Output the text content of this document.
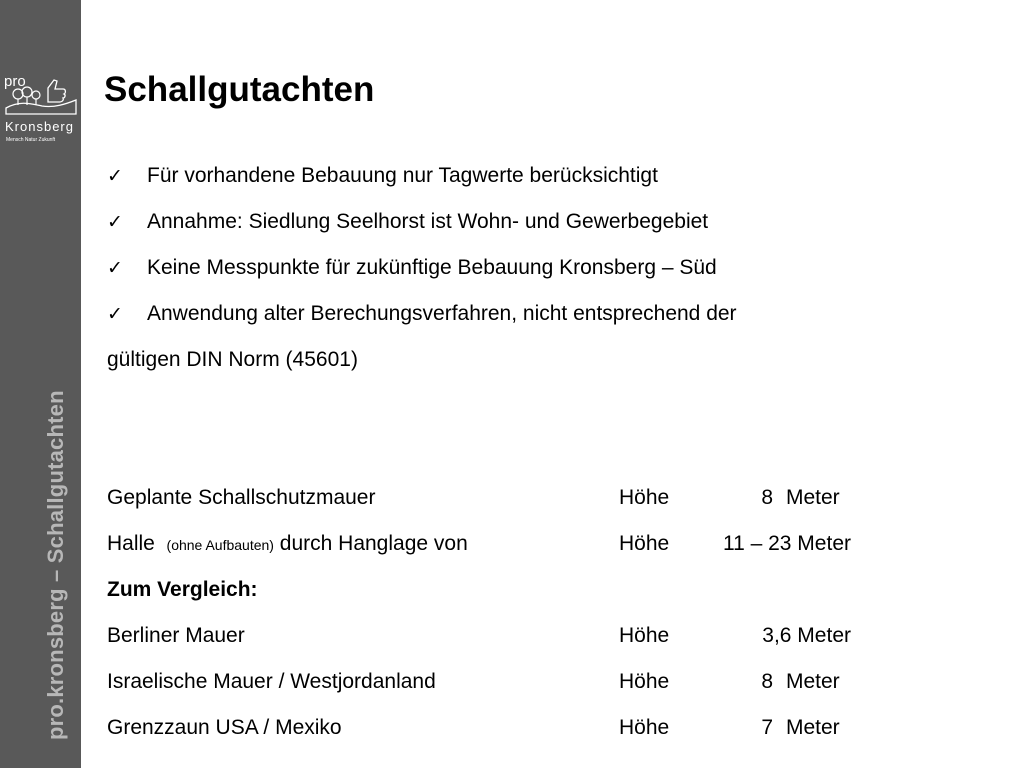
pro
Kronsberg
Mensch Natur Zukunft
pro.kronsberg – Schallgutachten
Schallgutachten
✓ Für vorhandene Bebauung nur Tagwerte berücksichtigt
✓ Annahme: Siedlung Seelhorst ist Wohn- und Gewerbegebiet
✓ Keine Messpunkte für zukünftige Bebauung Kronsberg – Süd
✓ Anwendung alter Berechungsverfahren, nicht entsprechend der
gültigen DIN Norm (45601)
Geplante Schallschutzmauer	Höhe	8 Meter
Halle (ohne Aufbauten) durch Hanglage von	Höhe	11 – 23 Meter
Zum Vergleich:
Berliner Mauer	Höhe	3,6 Meter
Israelische Mauer / Westjordanland	Höhe	8 Meter
Grenzzaun USA / Mexiko	Höhe	7 Meter
